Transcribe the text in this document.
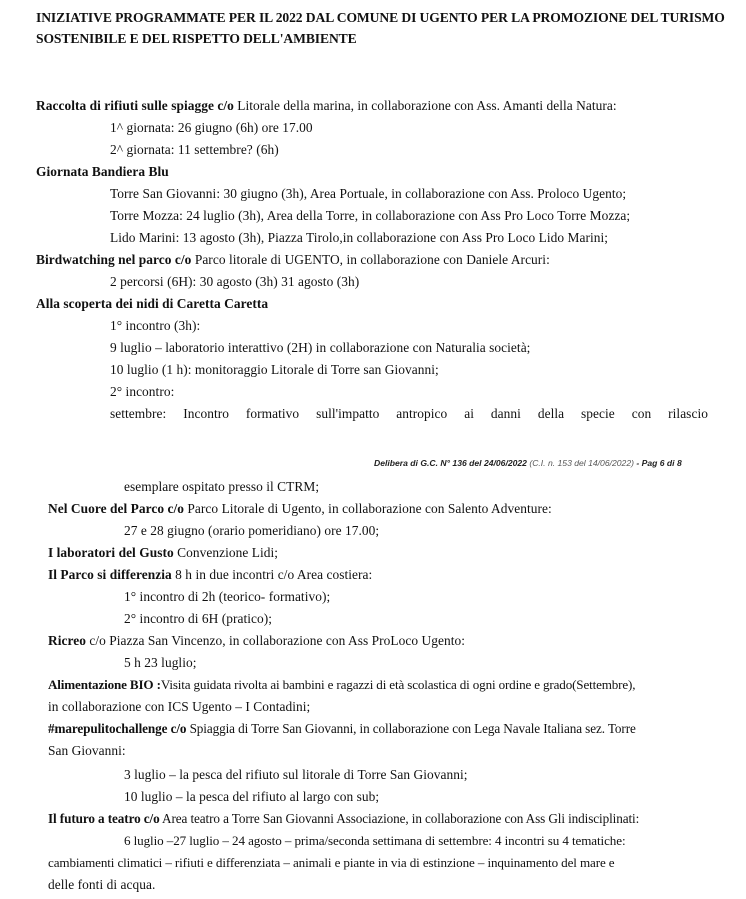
INIZIATIVE PROGRAMMATE PER IL 2022 DAL COMUNE DI UGENTO PER LA PROMOZIONE DEL TURISMO
SOSTENIBILE E DEL RISPETTO DELL'AMBIENTE
Raccolta di rifiuti sulle spiagge c/o Litorale della marina, in collaborazione con Ass. Amanti della Natura:
1^ giornata: 26 giugno (6h) ore 17.00
2^ giornata: 11 settembre? (6h)
Giornata Bandiera Blu
Torre San Giovanni: 30 giugno (3h), Area Portuale, in collaborazione con Ass. Proloco Ugento;
Torre Mozza: 24 luglio (3h), Area della Torre, in collaborazione con Ass Pro Loco Torre Mozza;
Lido Marini: 13 agosto (3h), Piazza Tirolo,in collaborazione con Ass Pro Loco Lido Marini;
Birdwatching nel parco c/o Parco litorale di UGENTO, in collaborazione con Daniele Arcuri:
2 percorsi (6H): 30 agosto (3h) 31 agosto (3h)
Alla scoperta dei nidi di Caretta Caretta
1° incontro (3h):
9 luglio – laboratorio interattivo (2H) in collaborazione con Naturalia società;
10 luglio (1 h): monitoraggio Litorale di Torre san Giovanni;
2° incontro:
settembre: Incontro formativo sull'impatto antropico ai danni della specie con rilascio
Delibera di G.C. N° 136 del 24/06/2022 (C.I. n. 153 del 14/06/2022) - Pag 6 di 8
esemplare ospitato presso il CTRM;
Nel Cuore del Parco c/o Parco Litorale di Ugento, in collaborazione con Salento Adventure:
27 e 28 giugno (orario pomeridiano) ore 17.00;
I laboratori del Gusto Convenzione Lidi;
Il Parco si differenzia 8 h in due incontri c/o Area costiera:
1° incontro di 2h (teorico- formativo);
2° incontro di 6H (pratico);
Ricreo c/o Piazza San Vincenzo, in collaborazione con Ass ProLoco Ugento:
5 h 23 luglio;
Alimentazione BIO :Visita guidata rivolta ai bambini e ragazzi di età scolastica di ogni ordine e grado(Settembre),
in collaborazione con ICS Ugento – I Contadini;
#marepulitochallenge c/o Spiaggia di Torre San Giovanni, in collaborazione con Lega Navale Italiana sez. Torre
San Giovanni:
3 luglio – la pesca del rifiuto sul litorale di Torre San Giovanni;
10 luglio – la pesca del rifiuto al largo con sub;
Il futuro a teatro c/o Area teatro a Torre San Giovanni Associazione, in collaborazione con Ass Gli indisciplinati:
6 luglio –27 luglio – 24 agosto – prima/seconda settimana di settembre: 4 incontri su 4 tematiche:
cambiamenti climatici – rifiuti e differenziata – animali e piante in via di estinzione – inquinamento del mare e
delle fonti di acqua.
